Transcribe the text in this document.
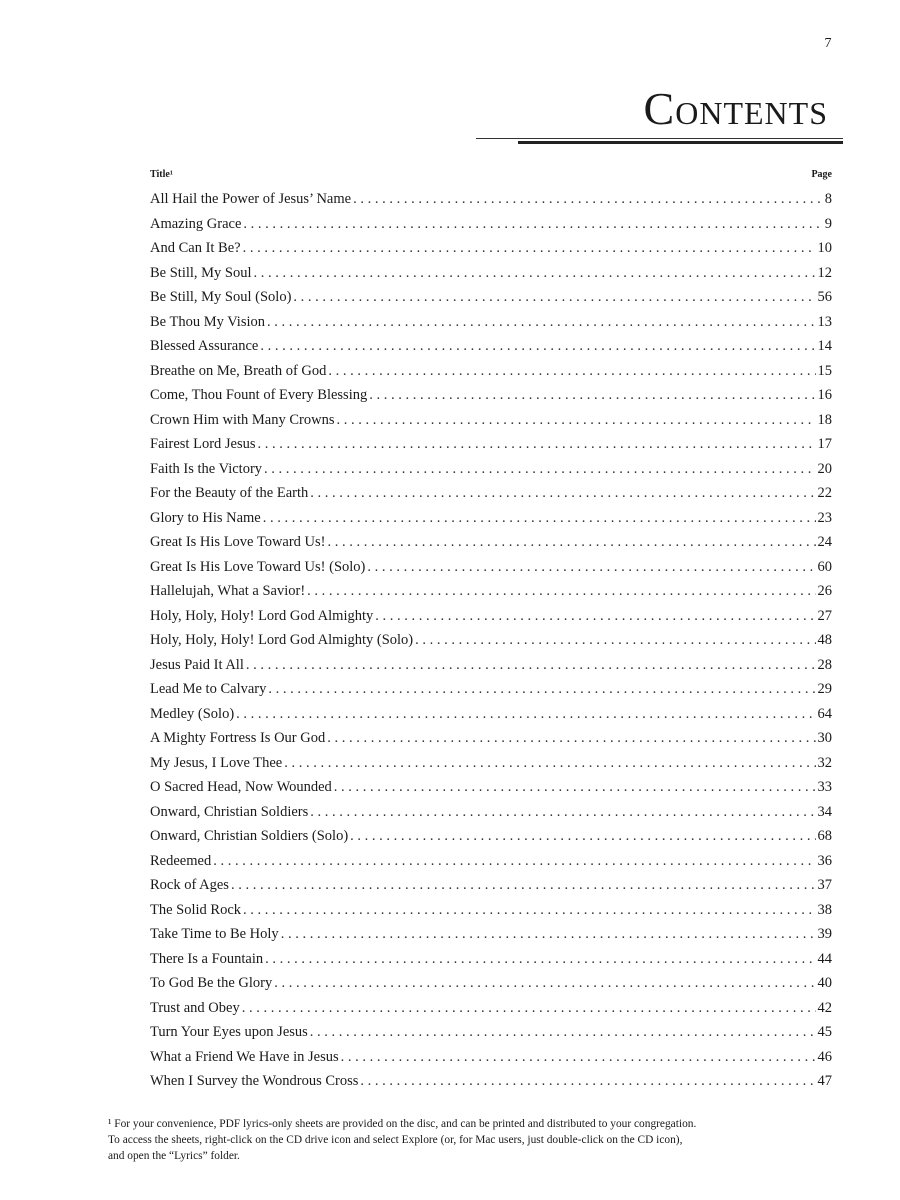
7
Contents
Title¹	Page
All Hail the Power of Jesus’ Name . . .	8
Amazing Grace . . .	9
And Can It Be? . . .	10
Be Still, My Soul . . .	12
Be Still, My Soul (Solo) . . .	56
Be Thou My Vision . . .	13
Blessed Assurance . . .	14
Breathe on Me, Breath of God . . .	15
Come, Thou Fount of Every Blessing . . .	16
Crown Him with Many Crowns . . .	18
Fairest Lord Jesus . . .	17
Faith Is the Victory . . .	20
For the Beauty of the Earth . . .	22
Glory to His Name . . .	23
Great Is His Love Toward Us! . . .	24
Great Is His Love Toward Us! (Solo) . . .	60
Hallelujah, What a Savior! . . .	26
Holy, Holy, Holy! Lord God Almighty . . .	27
Holy, Holy, Holy! Lord God Almighty (Solo) . . .	48
Jesus Paid It All . . .	28
Lead Me to Calvary . . .	29
Medley (Solo) . . .	64
A Mighty Fortress Is Our God . . .	30
My Jesus, I Love Thee . . .	32
O Sacred Head, Now Wounded . . .	33
Onward, Christian Soldiers . . .	34
Onward, Christian Soldiers (Solo) . . .	68
Redeemed . . .	36
Rock of Ages . . .	37
The Solid Rock . . .	38
Take Time to Be Holy . . .	39
There Is a Fountain . . .	44
To God Be the Glory . . .	40
Trust and Obey . . .	42
Turn Your Eyes upon Jesus . . .	45
What a Friend We Have in Jesus . . .	46
When I Survey the Wondrous Cross . . .	47

¹ For your convenience, PDF lyrics-only sheets are provided on the disc, and can be printed and distributed to your congregation.

To access the sheets, right-click on the CD drive icon and select Explore (or, for Mac users, just double-click on the CD icon),

and open the “Lyrics” folder.
